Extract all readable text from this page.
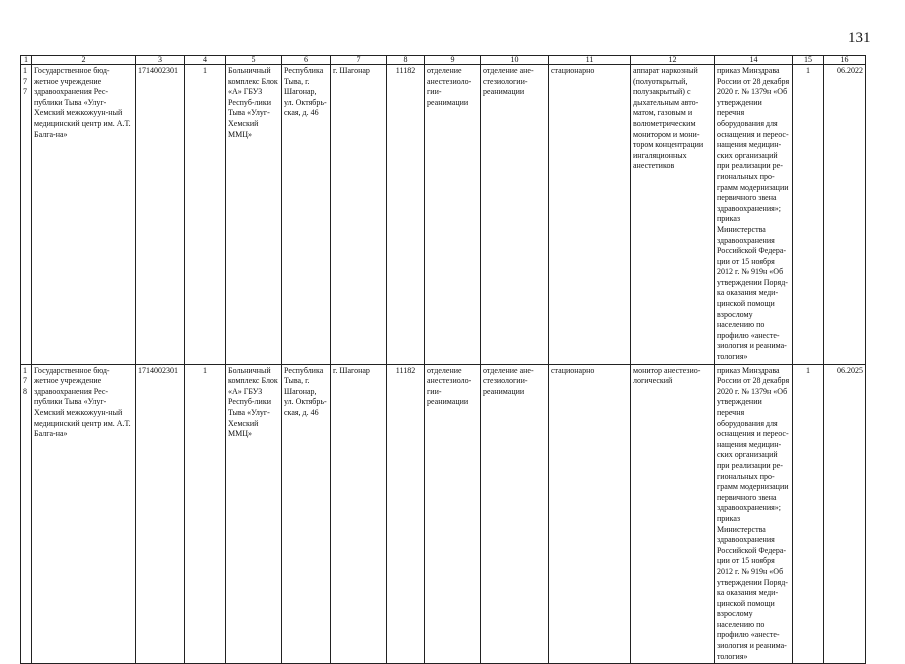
131
1	2	3	4	5	6	7	8	9	10	11	12	14	15	16
177	Государственное бюд-жетное учреждение здравоохранения Рес-публики Тыва «Улуг-Хемский межкожуун-ный медицинский центр им. А.Т. Балга-на»	1714002301	1	Больничный комплекс Блок «А» ГБУЗ Респуб-лики Тыва «Улуг-Хемский ММЦ»	Республика Тыва, г. Шагонар, ул. Октябрь-ская, д. 46	г. Шагонар	11182	отделение анестезиоло-гии-реанимации	отделение ане-стезиологии-реанимации	стационарно	аппарат наркозный (полуоткрытый, полузакрытый) с дыхательным авто-матом, газовым и волюметрическим монитором и мони-тором концентрации ингаляционных анестетиков	приказ Минздрава России от 28 декабря 2020 г. № 1379н «Об утверждении перечня оборудования для оснащения и переос-нащения медицин-ских организаций при реализации ре-гиональных про-грамм модернизации первичного звена здравоохранения»; приказ Министерства здравоохранения Российской Федера-ции от 15 ноября 2012 г. № 919н «Об утверждении Поряд-ка оказания меди-цинской помощи взрослому населению по профилю «анесте-зиология и реанима-тология»	1	06.2022
178	Государственное бюд-жетное учреждение здравоохранения Рес-публики Тыва «Улуг-Хемский межкожуун-ный медицинский центр им. А.Т. Балга-на»	1714002301	1	Больничный комплекс Блок «А» ГБУЗ Респуб-лики Тыва «Улуг-Хемский ММЦ»	Республика Тыва, г. Шагонар, ул. Октябрь-ская, д. 46	г. Шагонар	11182	отделение анестезиоло-гии-реанимации	отделение ане-стезиологии-реанимации	стационарно	монитор анестезио-логический	приказ Минздрава России от 28 декабря 2020 г. № 1379н «Об утверждении перечня оборудования для оснащения и переос-нащения медицин-ских организаций при реализации ре-гиональных про-грамм модернизации первичного звена здравоохранения»; приказ Министерства здравоохранения Российской Федера-ции от 15 ноября 2012 г. № 919н «Об утверждении Поряд-ка оказания меди-цинской помощи взрослому населению по профилю «анесте-зиология и реанима-тология»	1	06.2025
